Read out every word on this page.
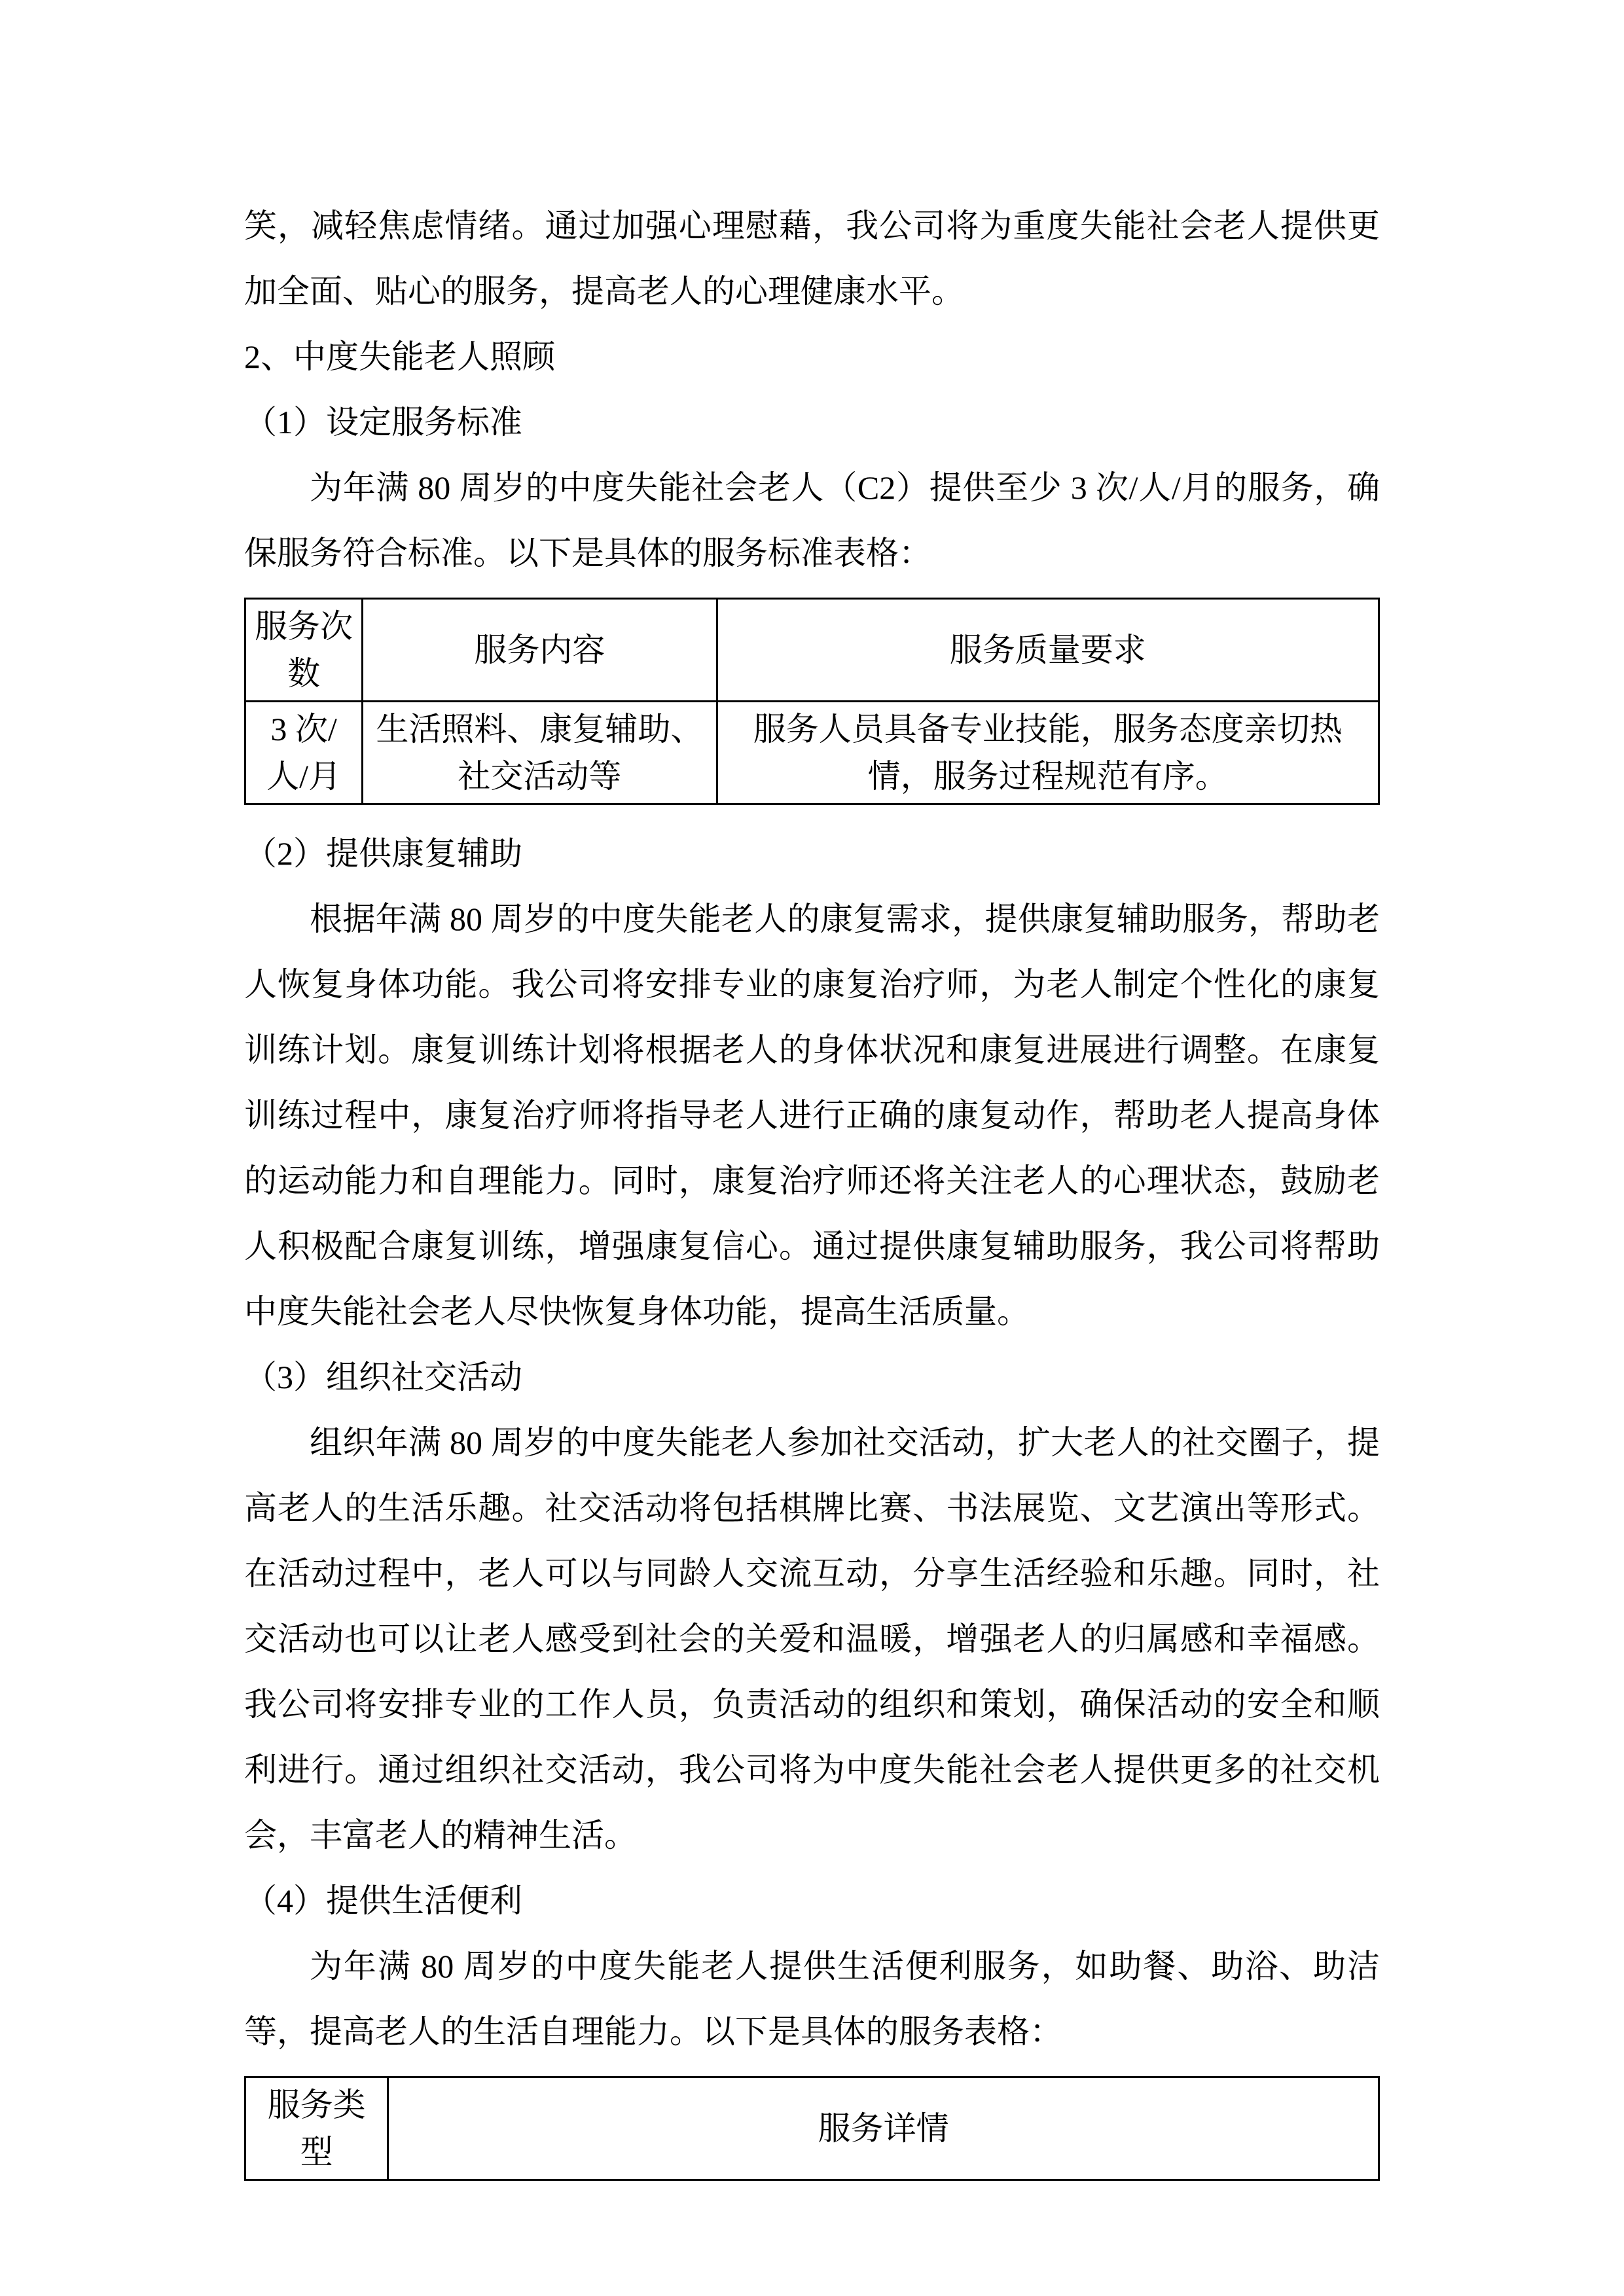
笑，减轻焦虑情绪。通过加强心理慰藉，我公司将为重度失能社会老人提供更加全面、贴心的服务，提高老人的心理健康水平。

2、中度失能老人照顾
（1）设定服务标准

为年满 80 周岁的中度失能社会老人（C2）提供至少 3 次/人/月的服务，确保服务符合标准。以下是具体的服务标准表格：

服务次数	服务内容	服务质量要求
3 次/人/月	生活照料、康复辅助、社交活动等	服务人员具备专业技能，服务态度亲切热情，服务过程规范有序。
（2）提供康复辅助

根据年满 80 周岁的中度失能老人的康复需求，提供康复辅助服务，帮助老人恢复身体功能。我公司将安排专业的康复治疗师，为老人制定个性化的康复训练计划。康复训练计划将根据老人的身体状况和康复进展进行调整。在康复训练过程中，康复治疗师将指导老人进行正确的康复动作，帮助老人提高身体的运动能力和自理能力。同时，康复治疗师还将关注老人的心理状态，鼓励老人积极配合康复训练，增强康复信心。通过提供康复辅助服务，我公司将帮助中度失能社会老人尽快恢复身体功能，提高生活质量。

（3）组织社交活动

组织年满 80 周岁的中度失能老人参加社交活动，扩大老人的社交圈子，提高老人的生活乐趣。社交活动将包括棋牌比赛、书法展览、文艺演出等形式。在活动过程中，老人可以与同龄人交流互动，分享生活经验和乐趣。同时，社交活动也可以让老人感受到社会的关爱和温暖，增强老人的归属感和幸福感。我公司将安排专业的工作人员，负责活动的组织和策划，确保活动的安全和顺利进行。通过组织社交活动，我公司将为中度失能社会老人提供更多的社交机会，丰富老人的精神生活。

（4）提供生活便利

为年满 80 周岁的中度失能老人提供生活便利服务，如助餐、助浴、助洁等，提高老人的生活自理能力。以下是具体的服务表格：

服务类型	服务详情
